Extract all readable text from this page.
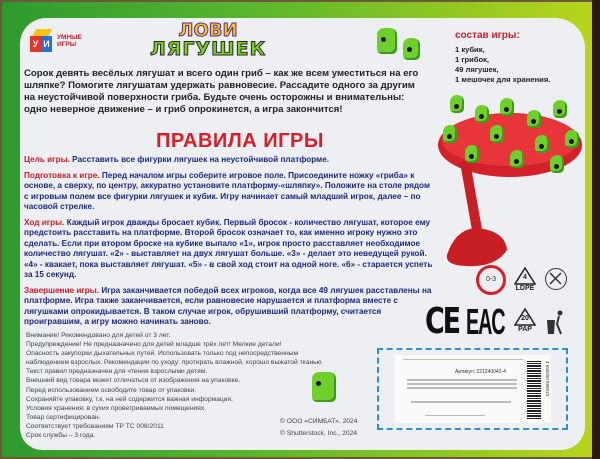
У И
УМНЫЕ ИГРЫ
ЛОВИ
ЛЯГУШЕК
Сорок девять весёлых лягушат и всего один гриб – как же всем уместиться на его шляпке? Помогите лягушатам удержать равновесие. Рассадите одного за другим на неустойчивой поверхности гриба. Будьте очень осторожны и внимательны: одно неверное движение – и гриб опрокинется, а игра закончится!
состав игры:
1 кубик,
1 грибок,
49 лягушек,
1 мешочек для хранения.
ПРАВИЛА ИГРЫ
Цель игры. Расставить все фигурки лягушек на неустойчивой платформе.
Подготовка к игре. Перед началом игры соберите игровое поле. Присоедините ножку «гриба» к основе, а сверху, по центру, аккуратно установите платформу-«шляпку». Положите на столе рядом с игровым полем все фигурки лягушек и кубик. Игру начинает самый младший игрок, далее – по часовой стрелке.
Ход игры. Каждый игрок дважды бросает кубик. Первый бросок - количество лягушат, которое ему предстоить расставить на платформе. Второй бросок означает то, как именно игроку нужно это сделать. Если при втором броске на кубике выпало «1», игрок просто расставляет необходимое количество лягушат. «2» - выставляет на двух лягушат больше. «3» - делает это неведущей рукой. «4» - квакает, пока выставляет лягушат. «5» - в свой ход стоит на одной ноге. «6» - старается успеть за 15 секунд.
Завершение игры. Игра заканчивается победой всех игроков, когда все 49 лягушек расставлены на платформе. Игра также заканчивается, если равновесие нарушается и платформа вместе с лягушками опрокидывается. В таком случае игрок, обрушивший платформу, считается проигравшим, а игру можно начинать заново.
Внимание! Рекомендовано для детей от 3 лет.
Предупреждение! Не предназначено для детей младше трёх лет! Мелкие детали!
Опасность закупорки дыхательных путей. Использовать только под непосредственным
наблюдением взрослых. Рекомендации по уходу: протирать влажной, хорошо выжатой тканью
Текст правил предназначен для чтения взрослыми детям.
Внешний вид товара может отличаться от изображения на упаковке.
Перед использованием освободите товар от упаковки.
Сохраняйте упаковку, т.к. на ней содержится важная информация.
Условия хранения: в сухих проветриваемых помещениях.
Товар сертифицирован.
Соответствует требованиям ТР ТС 008/2011
Срок службы – 3 года.
© ООО «СИМБАТ», 2024
© Shutterstock, Inc., 2024
0-3	4
LDPE
CE EAC	20
PAP
Артикул: 221240042-4	4 650250 598510
